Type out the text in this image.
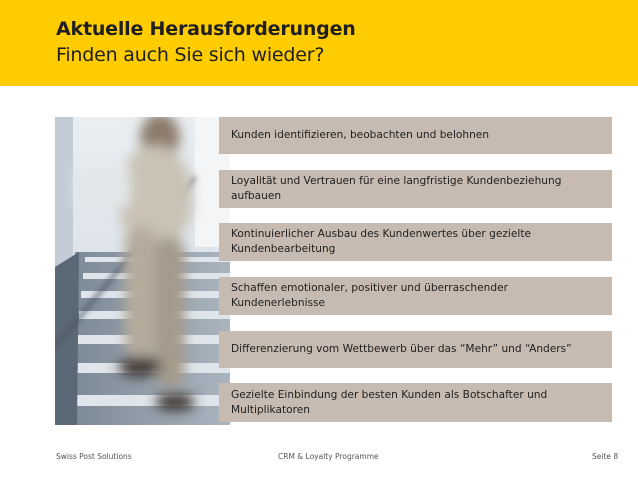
Aktuelle Herausforderungen
Finden auch Sie sich wieder?
Kunden identifizieren, beobachten und belohnen
Loyalität und Vertrauen für eine langfristige Kundenbeziehung aufbauen
Kontinuierlicher Ausbau des Kundenwertes über gezielte Kundenbearbeitung
Schaffen emotionaler, positiver und überraschender Kundenerlebnisse
Differenzierung vom Wettbewerb über das “Mehr” und “Anders”
Gezielte Einbindung der besten Kunden als Botschafter und Multiplikatoren
Swiss Post Solutions	CRM & Loyalty Programme	Seite 8
